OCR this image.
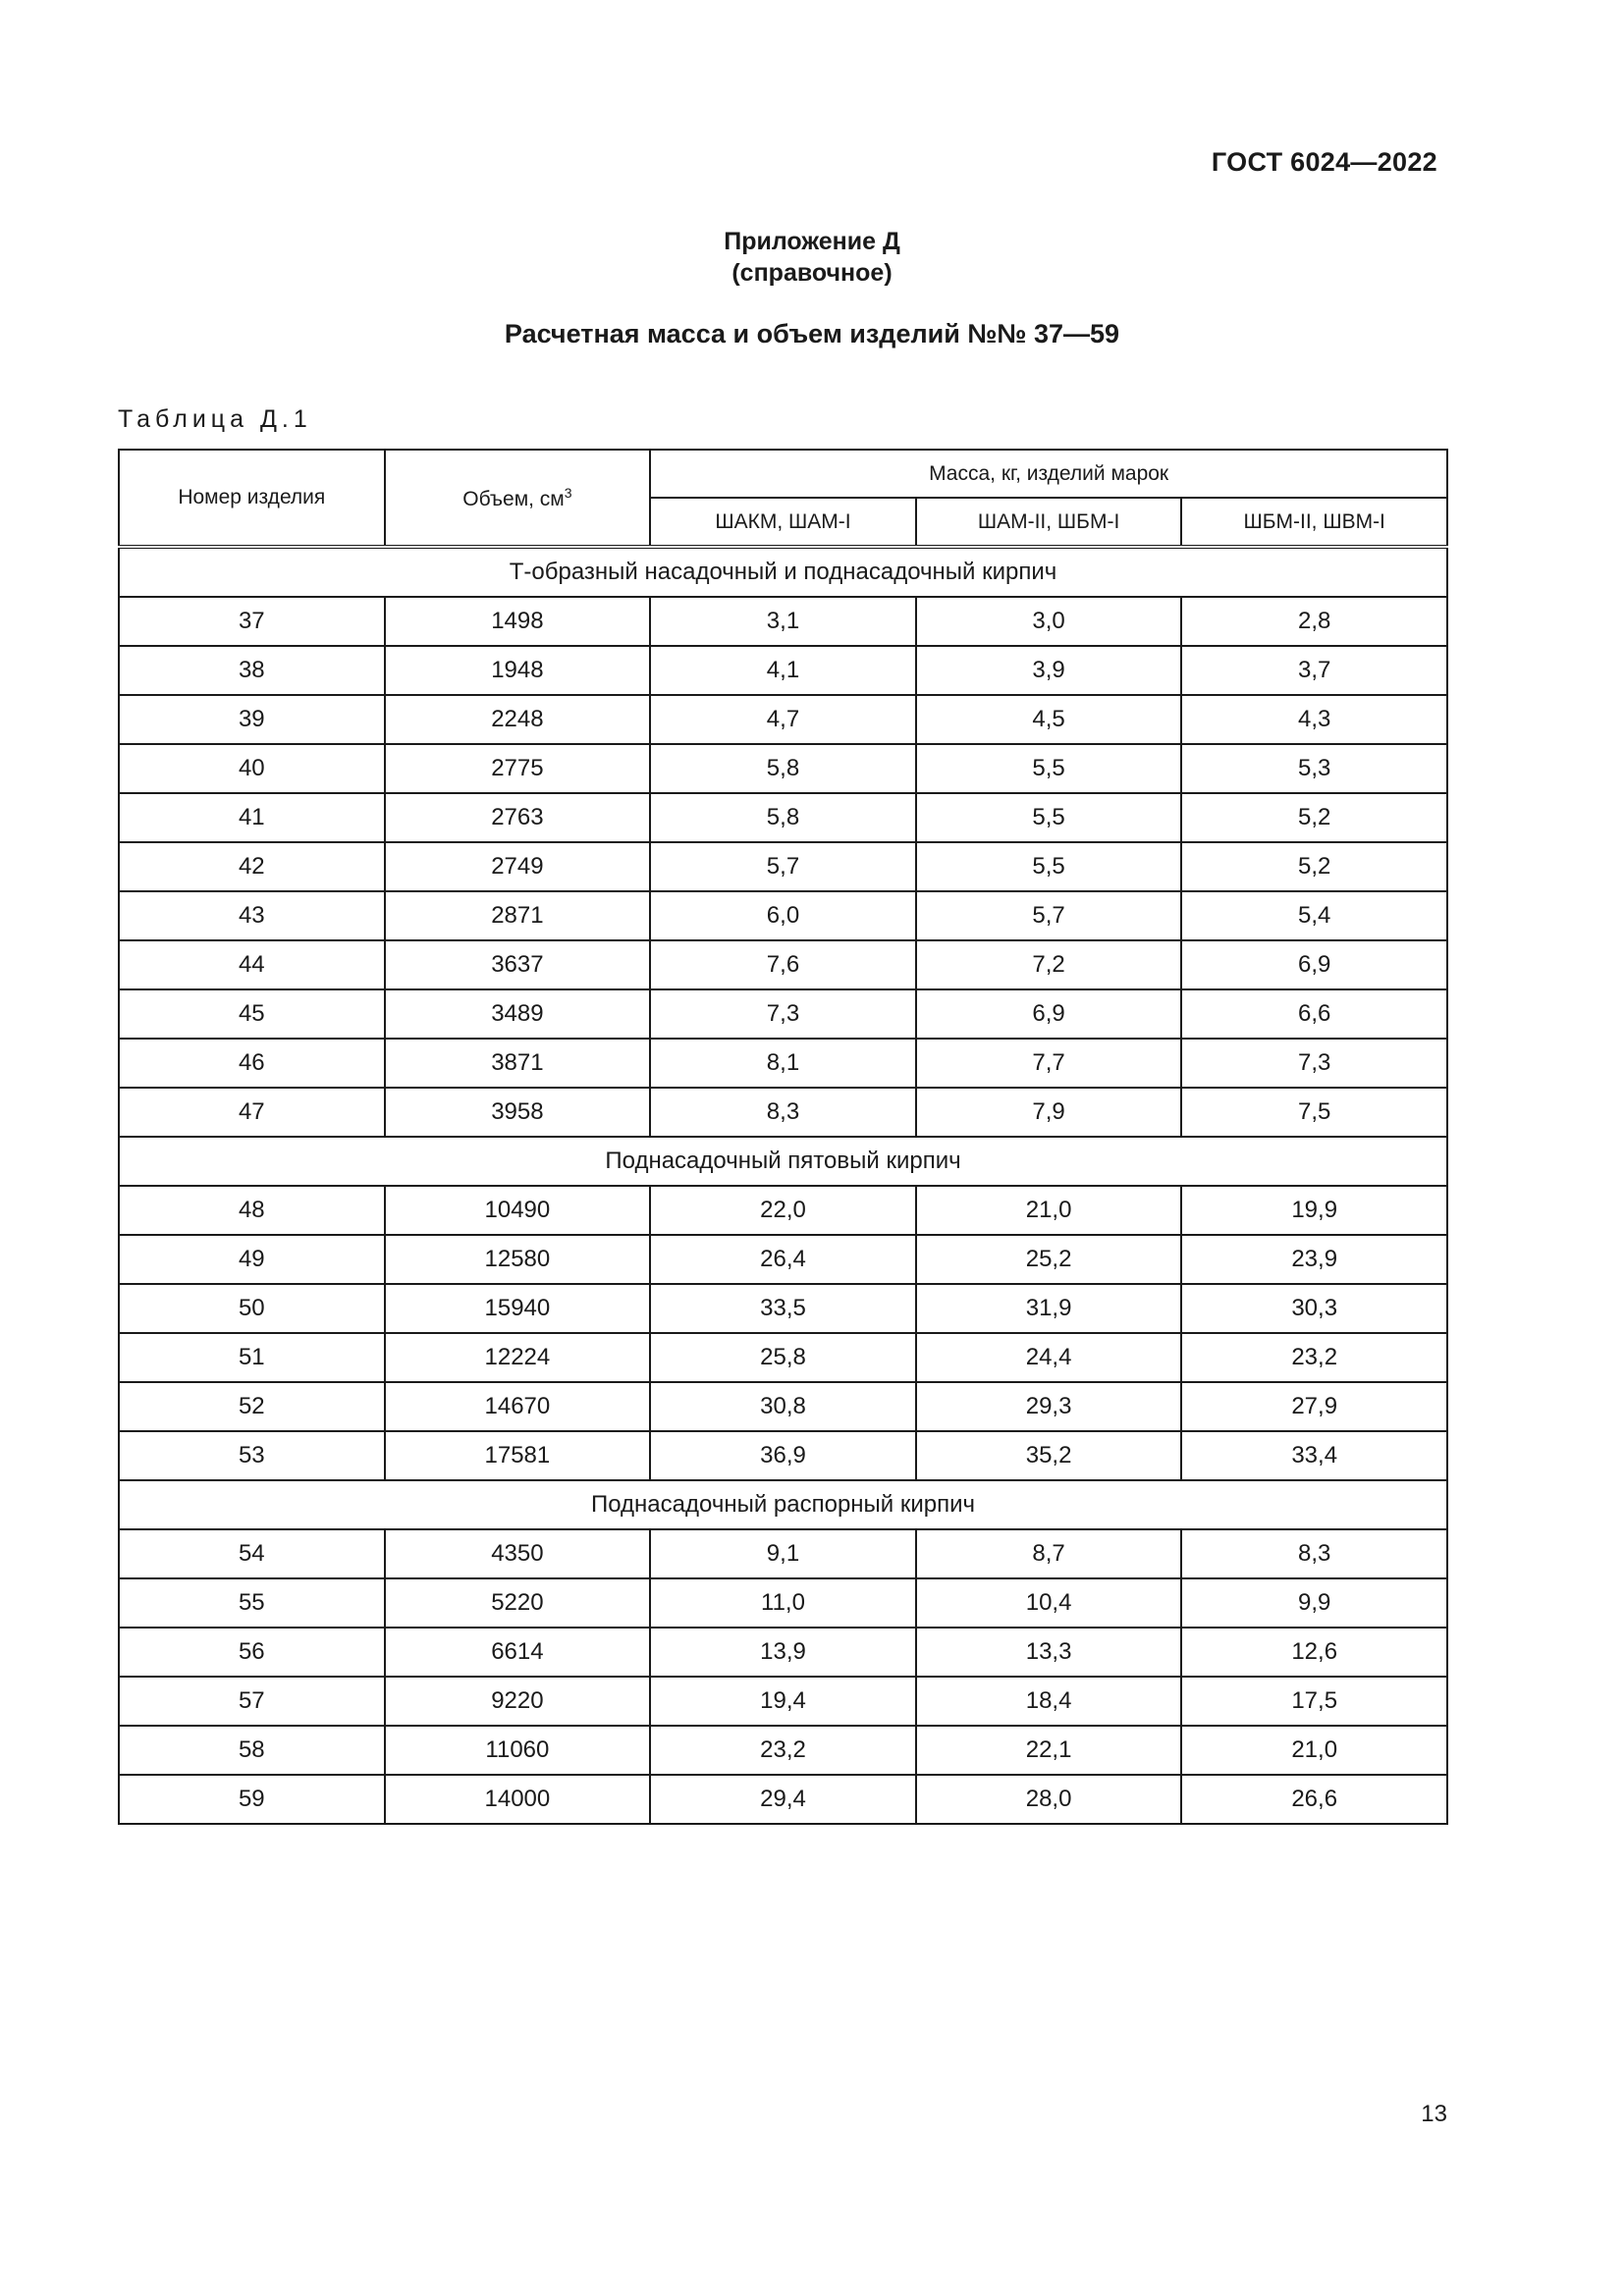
ГОСТ 6024—2022
Приложение Д
(справочное)
Расчетная масса и объем изделий №№ 37—59
Таблица Д.1
Номер изделия	Объем, $см^3$	Масса, кг, изделий марок		
		ШАКМ, ШАМ-I	ШАМ-II, ШБМ-I	ШБМ-II, ШВМ-I
Т-образный насадочный и поднасадочный кирпич				
37	1498	3,1	3,0	2,8
38	1948	4,1	3,9	3,7
39	2248	4,7	4,5	4,3
40	2775	5,8	5,5	5,3
41	2763	5,8	5,5	5,2
42	2749	5,7	5,5	5,2
43	2871	6,0	5,7	5,4
44	3637	7,6	7,2	6,9
45	3489	7,3	6,9	6,6
46	3871	8,1	7,7	7,3
47	3958	8,3	7,9	7,5
Поднасадочный пятовый кирпич				
48	10490	22,0	21,0	19,9
49	12580	26,4	25,2	23,9
50	15940	33,5	31,9	30,3
51	12224	25,8	24,4	23,2
52	14670	30,8	29,3	27,9
53	17581	36,9	35,2	33,4
Поднасадочный распорный кирпич				
54	4350	9,1	8,7	8,3
55	5220	11,0	10,4	9,9
56	6614	13,9	13,3	12,6
57	9220	19,4	18,4	17,5
58	11060	23,2	22,1	21,0
59	14000	29,4	28,0	26,6
13
